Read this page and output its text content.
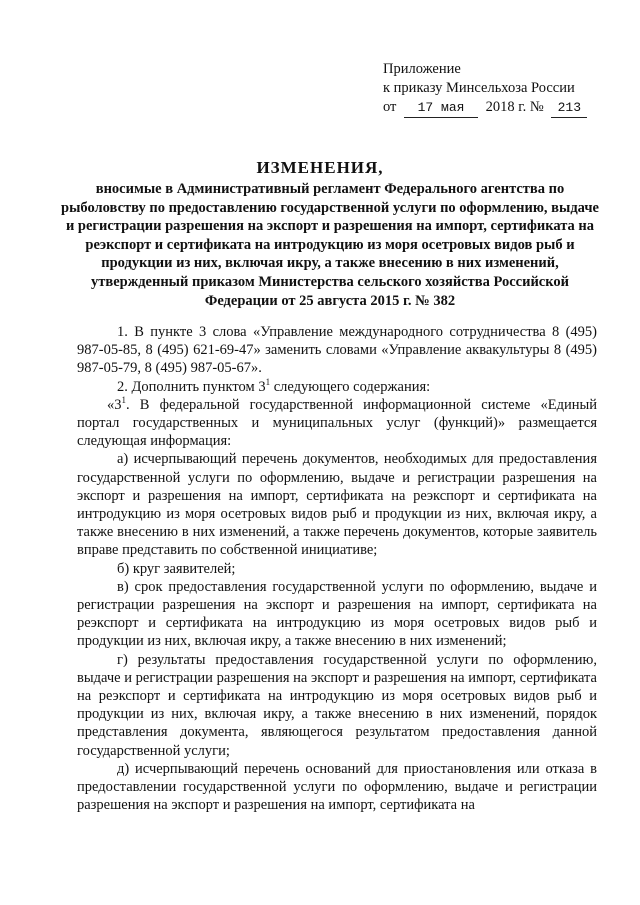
Приложение
к приказу Минсельхоза России
от 17 мая 2018 г. № 213
ИЗМЕНЕНИЯ,
вносимые в Административный регламент Федерального агентства по рыболовству по предоставлению государственной услуги по оформлению, выдаче и регистрации разрешения на экспорт и разрешения на импорт, сертификата на реэкспорт и сертификата на интродукцию из моря осетровых видов рыб и продукции из них, включая икру, а также внесению в них изменений, утвержденный приказом Министерства сельского хозяйства Российской Федерации от 25 августа 2015 г. № 382

1. В пункте 3 слова «Управление международного сотрудничества 8 (495) 987-05-85, 8 (495) 621-69-47» заменить словами «Управление аквакультуры 8 (495) 987-05-79, 8 (495) 987-05-67».

2. Дополнить пунктом $3^1$ следующего содержания:

«$3^1$. В федеральной государственной информационной системе «Единый портал государственных и муниципальных услуг (функций)» размещается следующая информация:

а) исчерпывающий перечень документов, необходимых для предоставления государственной услуги по оформлению, выдаче и регистрации разрешения на экспорт и разрешения на импорт, сертификата на реэкспорт и сертификата на интродукцию из моря осетровых видов рыб и продукции из них, включая икру, а также внесению в них изменений, а также перечень документов, которые заявитель вправе представить по собственной инициативе;

б) круг заявителей;

в) срок предоставления государственной услуги по оформлению, выдаче и регистрации разрешения на экспорт и разрешения на импорт, сертификата на реэкспорт и сертификата на интродукцию из моря осетровых видов рыб и продукции из них, включая икру, а также внесению в них изменений;

г) результаты предоставления государственной услуги по оформлению, выдаче и регистрации разрешения на экспорт и разрешения на импорт, сертификата на реэкспорт и сертификата на интродукцию из моря осетровых видов рыб и продукции из них, включая икру, а также внесению в них изменений, порядок представления документа, являющегося результатом предоставления данной государственной услуги;

д) исчерпывающий перечень оснований для приостановления или отказа в предоставлении государственной услуги по оформлению, выдаче и регистрации разрешения на экспорт и разрешения на импорт, сертификата на
